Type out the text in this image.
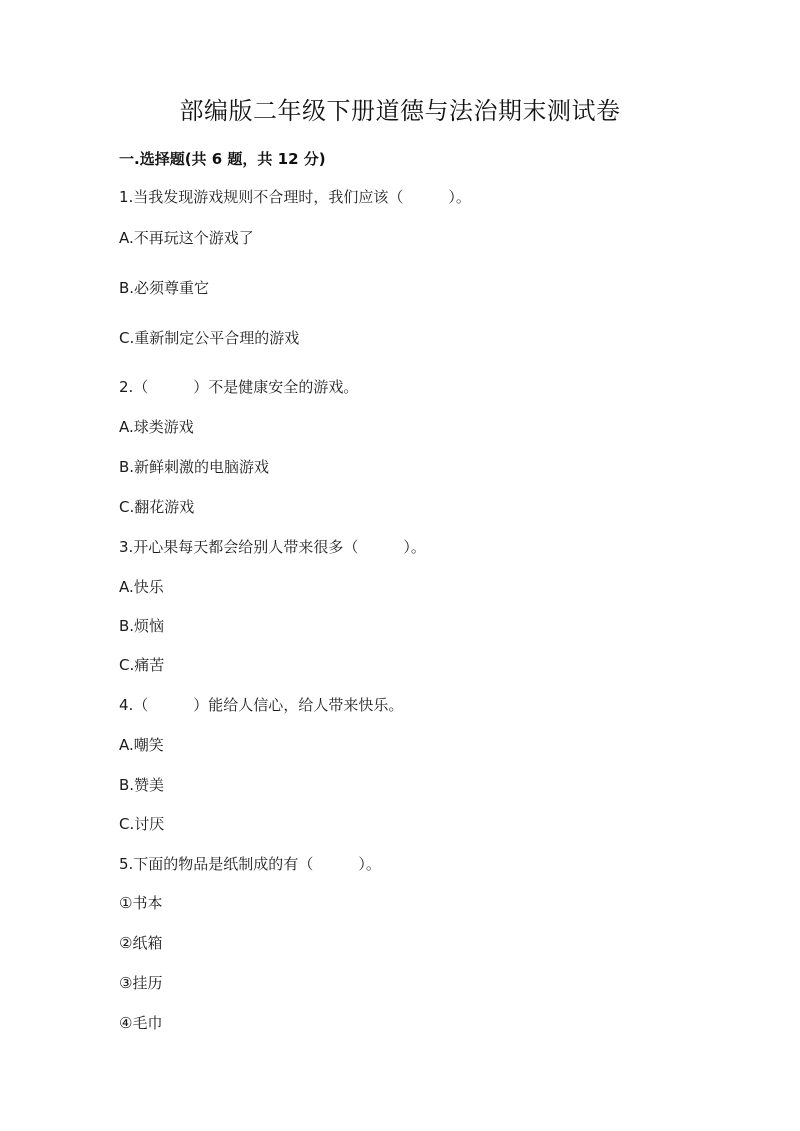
部编版二年级下册道德与法治期末测试卷
一.选择题(共 6 题，共 12 分)
1.当我发现游戏规则不合理时，我们应该（　　　）。
A.不再玩这个游戏了
B.必须尊重它
C.重新制定公平合理的游戏
2.（　　　）不是健康安全的游戏。
A.球类游戏
B.新鲜刺激的电脑游戏
C.翻花游戏
3.开心果每天都会给别人带来很多（　　　）。
A.快乐
B.烦恼
C.痛苦
4.（　　　）能给人信心，给人带来快乐。
A.嘲笑
B.赞美
C.讨厌
5.下面的物品是纸制成的有（　　　）。
①书本
②纸箱
③挂历
④毛巾
